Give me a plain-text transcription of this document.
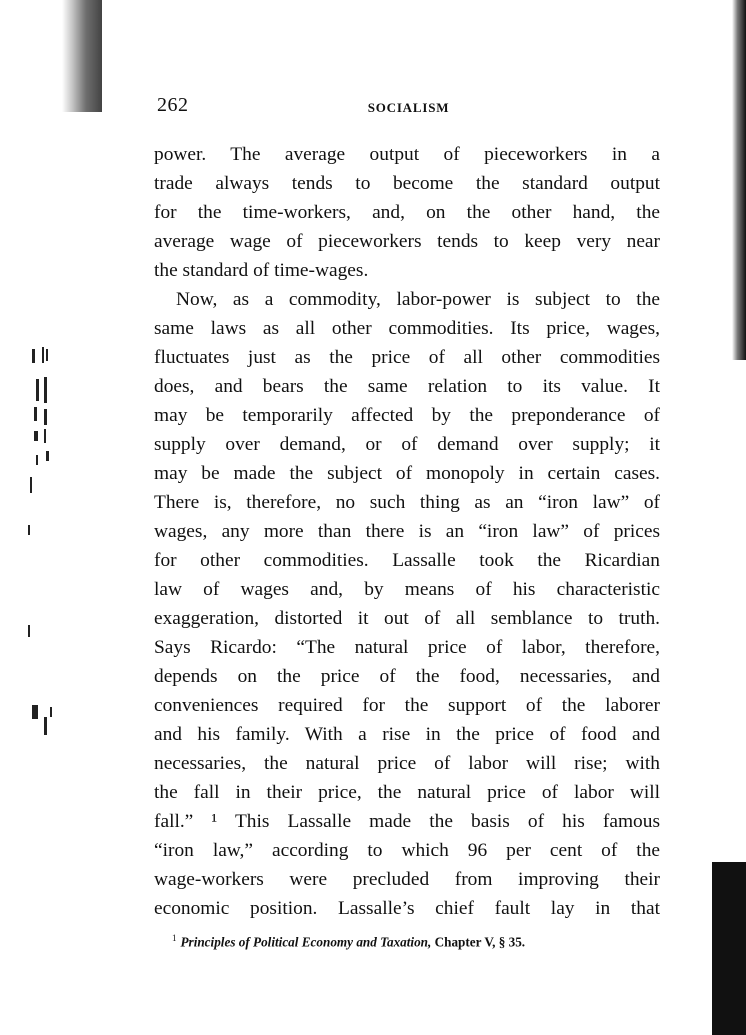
262	SOCIALISM
power. The average output of pieceworkers in a
trade always tends to become the standard output
for the time-workers, and, on the other hand, the
average wage of pieceworkers tends to keep very near
the standard of time-wages.
Now, as a commodity, labor-power is subject to the
same laws as all other commodities. Its price, wages,
fluctuates just as the price of all other commodities
does, and bears the same relation to its value. It
may be temporarily affected by the preponderance of
supply over demand, or of demand over supply; it
may be made the subject of monopoly in certain cases.
There is, therefore, no such thing as an “iron law” of
wages, any more than there is an “iron law” of prices
for other commodities. Lassalle took the Ricardian
law of wages and, by means of his characteristic
exaggeration, distorted it out of all semblance to truth.
Says Ricardo: “The natural price of labor, therefore,
depends on the price of the food, necessaries, and
conveniences required for the support of the laborer
and his family. With a rise in the price of food and
necessaries, the natural price of labor will rise; with
the fall in their price, the natural price of labor will
fall.” ¹ This Lassalle made the basis of his famous
“iron law,” according to which 96 per cent of the
wage-workers were precluded from improving their
economic position. Lassalle’s chief fault lay in that
$^1$ Principles of Political Economy and Taxation, Chapter V, § 35.
